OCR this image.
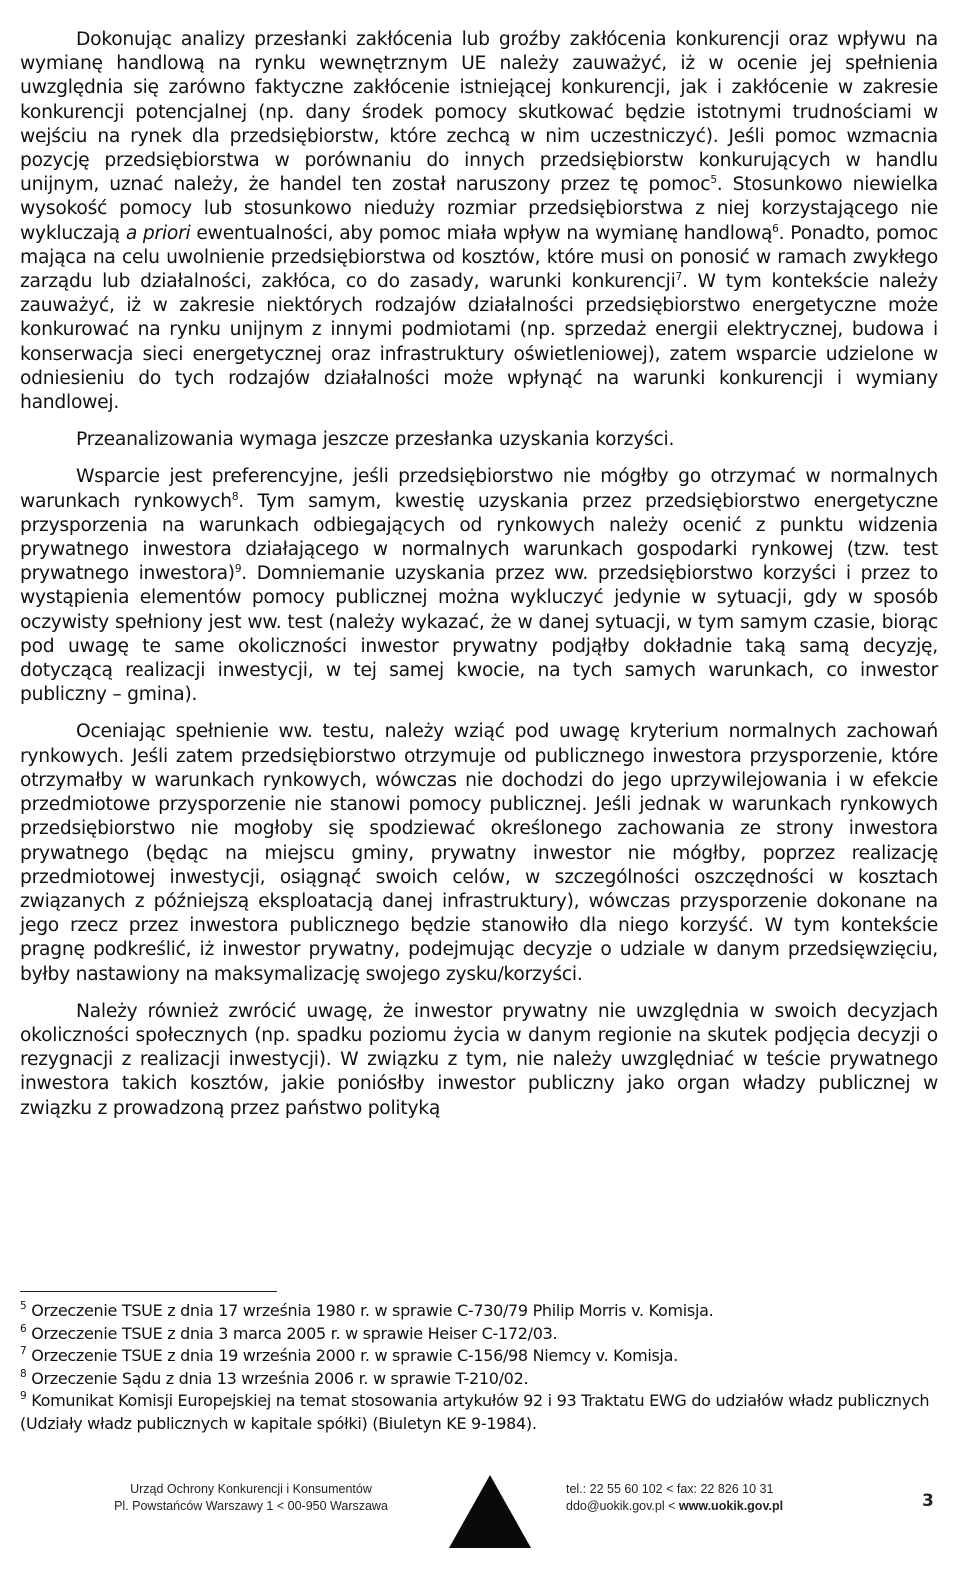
Dokonując analizy przesłanki zakłócenia lub groźby zakłócenia konkurencji oraz wpływu na wymianę handlową na rynku wewnętrznym UE należy zauważyć, iż w ocenie jej spełnienia uwzględnia się zarówno faktyczne zakłócenie istniejącej konkurencji, jak i zakłócenie w zakresie konkurencji potencjalnej (np. dany środek pomocy skutkować będzie istotnymi trudnościami w wejściu na rynek dla przedsiębiorstw, które zechcą w nim uczestniczyć). Jeśli pomoc wzmacnia pozycję przedsiębiorstwa w porównaniu do innych przedsiębiorstw konkurujących w handlu unijnym, uznać należy, że handel ten został naruszony przez tę pomoc$^5$. Stosunkowo niewielka wysokość pomocy lub stosunkowo nieduży rozmiar przedsiębiorstwa z niej korzystającego nie wykluczają a priori ewentualności, aby pomoc miała wpływ na wymianę handlową$^6$. Ponadto, pomoc mająca na celu uwolnienie przedsiębiorstwa od kosztów, które musi on ponosić w ramach zwykłego zarządu lub działalności, zakłóca, co do zasady, warunki konkurencji$^7$. W tym kontekście należy zauważyć, iż w zakresie niektórych rodzajów działalności przedsiębiorstwo energetyczne może konkurować na rynku unijnym z innymi podmiotami (np. sprzedaż energii elektrycznej, budowa i konserwacja sieci energetycznej oraz infrastruktury oświetleniowej), zatem wsparcie udzielone w odniesieniu do tych rodzajów działalności może wpłynąć na warunki konkurencji i wymiany handlowej.

Przeanalizowania wymaga jeszcze przesłanka uzyskania korzyści.

Wsparcie jest preferencyjne, jeśli przedsiębiorstwo nie mógłby go otrzymać w normalnych warunkach rynkowych$^8$. Tym samym, kwestię uzyskania przez przedsiębiorstwo energetyczne przysporzenia na warunkach odbiegających od rynkowych należy ocenić z punktu widzenia prywatnego inwestora działającego w normalnych warunkach gospodarki rynkowej (tzw. test prywatnego inwestora)$^9$. Domniemanie uzyskania przez ww. przedsiębiorstwo korzyści i przez to wystąpienia elementów pomocy publicznej można wykluczyć jedynie w sytuacji, gdy w sposób oczywisty spełniony jest ww. test (należy wykazać, że w danej sytuacji, w tym samym czasie, biorąc pod uwagę te same okoliczności inwestor prywatny podjąłby dokładnie taką samą decyzję, dotyczącą realizacji inwestycji, w tej samej kwocie, na tych samych warunkach, co inwestor publiczny – gmina).

Oceniając spełnienie ww. testu, należy wziąć pod uwagę kryterium normalnych zachowań rynkowych. Jeśli zatem przedsiębiorstwo otrzymuje od publicznego inwestora przysporzenie, które otrzymałby w warunkach rynkowych, wówczas nie dochodzi do jego uprzywilejowania i w efekcie przedmiotowe przysporzenie nie stanowi pomocy publicznej. Jeśli jednak w warunkach rynkowych przedsiębiorstwo nie mogłoby się spodziewać określonego zachowania ze strony inwestora prywatnego (będąc na miejscu gminy, prywatny inwestor nie mógłby, poprzez realizację przedmiotowej inwestycji, osiągnąć swoich celów, w szczególności oszczędności w kosztach związanych z późniejszą eksploatacją danej infrastruktury), wówczas przysporzenie dokonane na jego rzecz przez inwestora publicznego będzie stanowiło dla niego korzyść. W tym kontekście pragnę podkreślić, iż inwestor prywatny, podejmując decyzje o udziale w danym przedsięwzięciu, byłby nastawiony na maksymalizację swojego zysku/korzyści.

Należy również zwrócić uwagę, że inwestor prywatny nie uwzględnia w swoich decyzjach okoliczności społecznych (np. spadku poziomu życia w danym regionie na skutek podjęcia decyzji o rezygnacji z realizacji inwestycji). W związku z tym, nie należy uwzględniać w teście prywatnego inwestora takich kosztów, jakie poniósłby inwestor publiczny jako organ władzy publicznej w związku z prowadzoną przez państwo polityką

$^5$ Orzeczenie TSUE z dnia 17 września 1980 r. w sprawie C-730/79 Philip Morris v. Komisja.
$^6$ Orzeczenie TSUE z dnia 3 marca 2005 r. w sprawie Heiser C-172/03.
$^7$ Orzeczenie TSUE z dnia 19 września 2000 r. w sprawie C-156/98 Niemcy v. Komisja.
$^8$ Orzeczenie Sądu z dnia 13 września 2006 r. w sprawie T-210/02.
$^9$ Komunikat Komisji Europejskiej na temat stosowania artykułów 92 i 93 Traktatu EWG do udziałów władz publicznych (Udziały władz publicznych w kapitale spółki) (Biuletyn KE 9-1984).
Urząd Ochrony Konkurencji i Konsumentów
Pl. Powstańców Warszawy 1 < 00-950 Warszawa
tel.: 22 55 60 102 < fax: 22 826 10 31
ddo@uokik.gov.pl < www.uokik.gov.pl	3
